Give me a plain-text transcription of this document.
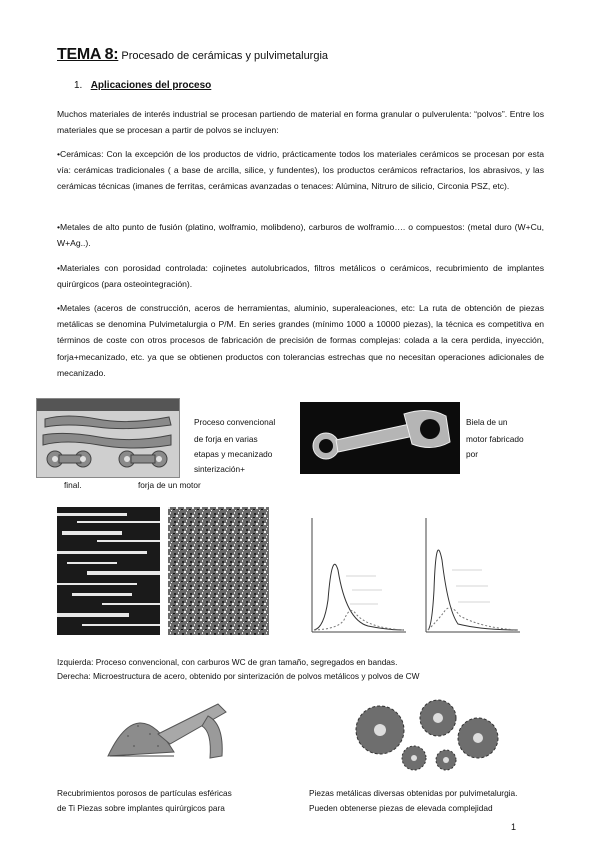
TEMA 8: Procesado de cerámicas y pulvimetalurgia
1. Aplicaciones del proceso
Muchos materiales de interés industrial se procesan partiendo de material en forma granular o pulverulenta: “polvos”. Entre los materiales que se procesan a partir de polvos se incluyen:
•Cerámicas: Con la excepción de los productos de vidrio, prácticamente todos los materiales cerámicos se procesan por esta vía: cerámicas tradicionales ( a base de arcilla, silice, y fundentes), los productos cerámicos refractarios, los abrasivos, y las cerámicas técnicas (imanes de ferritas, cerámicas avanzadas o tenaces: Alúmina, Nitruro de silicio, Circonia PSZ, etc).
•Metales de alto punto de fusión (platino, wolframio, molibdeno), carburos de wolframio…. o compuestos: (metal duro (W+Cu, W+Ag..).
•Materiales con porosidad controlada: cojinetes autolubricados, filtros metálicos o cerámicos, recubrimiento de implantes quirúrgicos (para osteointegración).
•Metales (aceros de construcción, aceros de herramientas, aluminio, superaleaciones, etc: La ruta de obtención de piezas metálicas se denomina Pulvimetalurgia o P/M. En series grandes (mínimo 1000 a 10000 piezas), la técnica es competitiva en términos de coste con otros procesos de fabricación de precisión de formas complejas: colada a la cera perdida, inyección, forja+mecanizado, etc. ya que se obtienen productos con tolerancias estrechas que no necesitan operaciones adicionales de mecanizado.
Proceso convencional
de forja en varias
etapas y mecanizado
sinterización+
final.	forja de un motor
Biela de un
motor fabricado
por
Izquierda: Proceso convencional, con carburos WC de gran tamaño, segregados en bandas.
Derecha: Microestructura de acero, obtenido por sinterización de polvos metálicos y polvos de CW
Recubrimientos porosos de partículas esféricas
de Ti Piezas sobre implantes quirúrgicos para
Piezas metálicas diversas obtenidas por pulvimetalurgia.
Pueden obtenerse piezas de elevada complejidad
1
